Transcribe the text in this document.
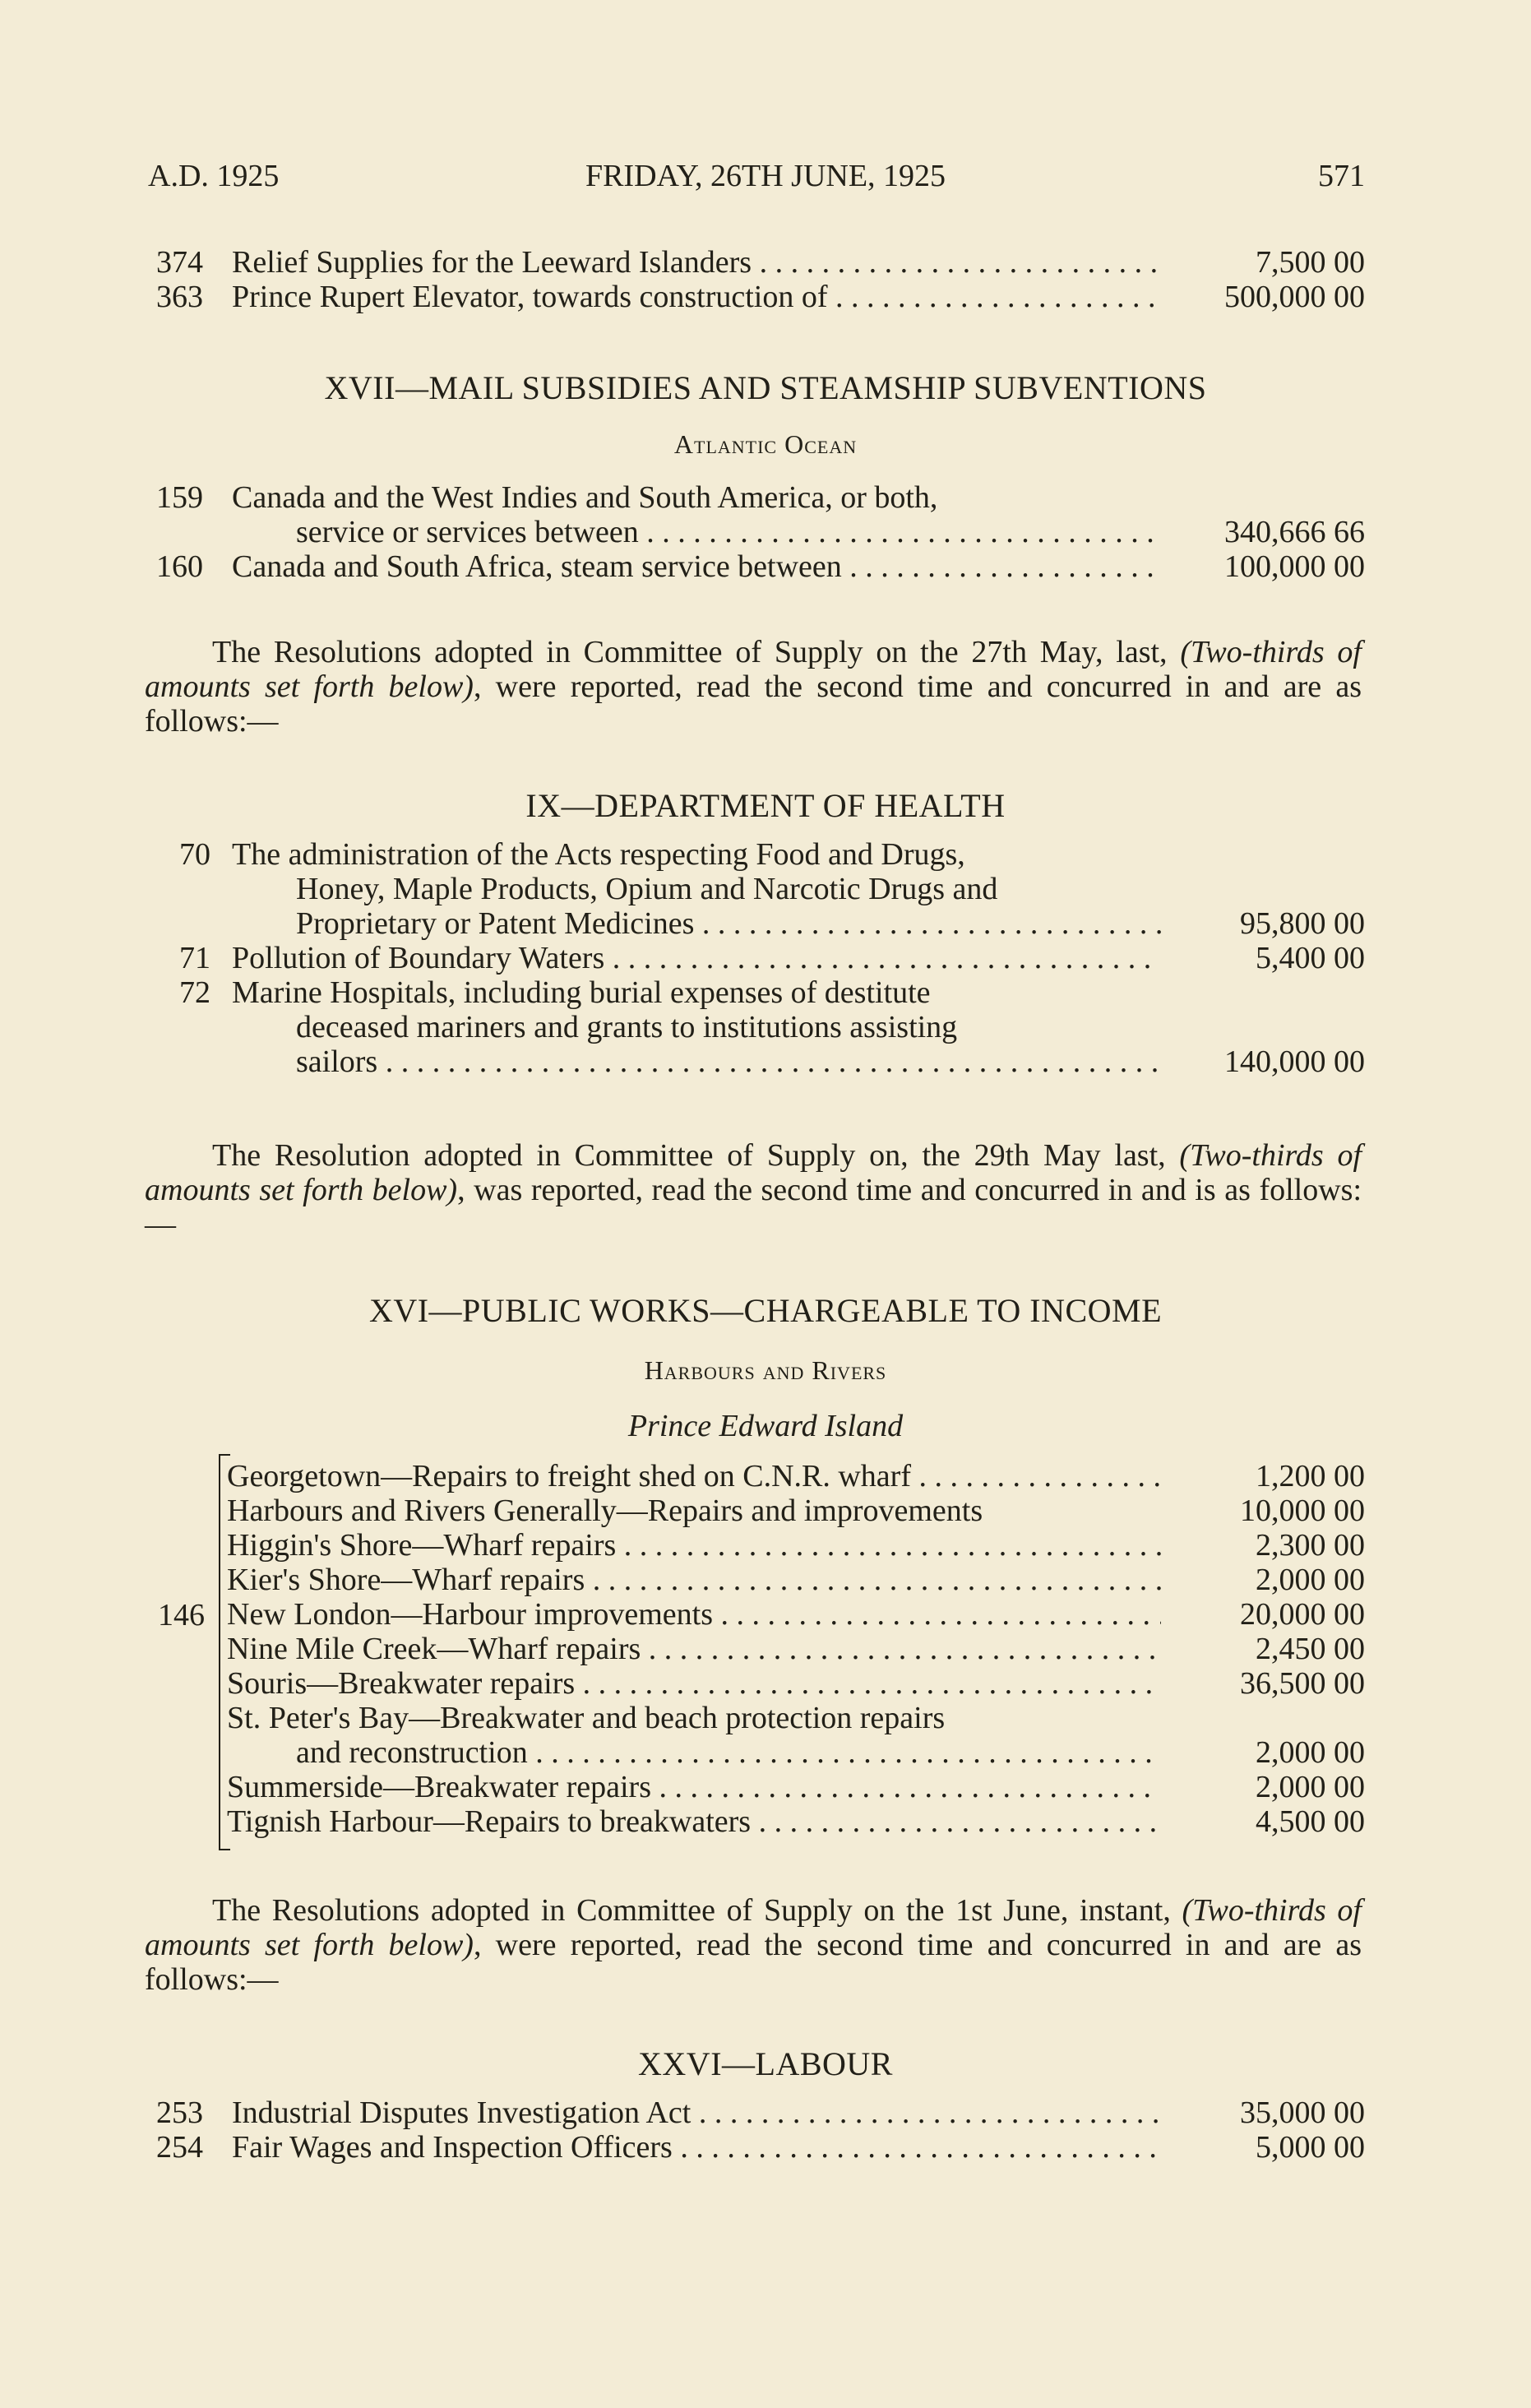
A.D. 1925	FRIDAY, 26TH JUNE, 1925	571
374 Relief Supplies for the Leeward Islanders . . .	7,500 00
363 Prince Rupert Elevator, towards construction of . . .	500,000 00
XVII—MAIL SUBSIDIES AND STEAMSHIP SUBVENTIONS
Atlantic Ocean
159 Canada and the West Indies and South America, or both,
service or services between . . .	340,666 66
160 Canada and South Africa, steam service between . . .	100,000 00

The Resolutions adopted in Committee of Supply on the 27th May, last, (Two-thirds of amounts set forth below), were reported, read the second time and concurred in and are as follows:—

IX—DEPARTMENT OF HEALTH
70 The administration of the Acts respecting Food and Drugs,
Honey, Maple Products, Opium and Narcotic Drugs and
Proprietary or Patent Medicines . . .	95,800 00
71 Pollution of Boundary Waters . . .	5,400 00
72 Marine Hospitals, including burial expenses of destitute
deceased mariners and grants to institutions assisting
sailors . . .	140,000 00

The Resolution adopted in Committee of Supply on, the 29th May last, (Two-thirds of amounts set forth below), was reported, read the second time and concurred in and is as follows:—

XVI—PUBLIC WORKS—CHARGEABLE TO INCOME
Harbours and Rivers
Prince Edward Island
146
Georgetown—Repairs to freight shed on C.N.R. wharf . . .	1,200 00
Harbours and Rivers Generally—Repairs and improvements	10,000 00
Higgin's Shore—Wharf repairs . . .	2,300 00
Kier's Shore—Wharf repairs . . .	2,000 00
New London—Harbour improvements . . .	20,000 00
Nine Mile Creek—Wharf repairs . . .	2,450 00
Souris—Breakwater repairs . . .	36,500 00
St. Peter's Bay—Breakwater and beach protection repairs
and reconstruction . . .	2,000 00
Summerside—Breakwater repairs . . .	2,000 00
Tignish Harbour—Repairs to breakwaters . . .	4,500 00

The Resolutions adopted in Committee of Supply on the 1st June, instant, (Two-thirds of amounts set forth below), were reported, read the second time and concurred in and are as follows:—

XXVI—LABOUR
253 Industrial Disputes Investigation Act . . .	35,000 00
254 Fair Wages and Inspection Officers . . .	5,000 00
